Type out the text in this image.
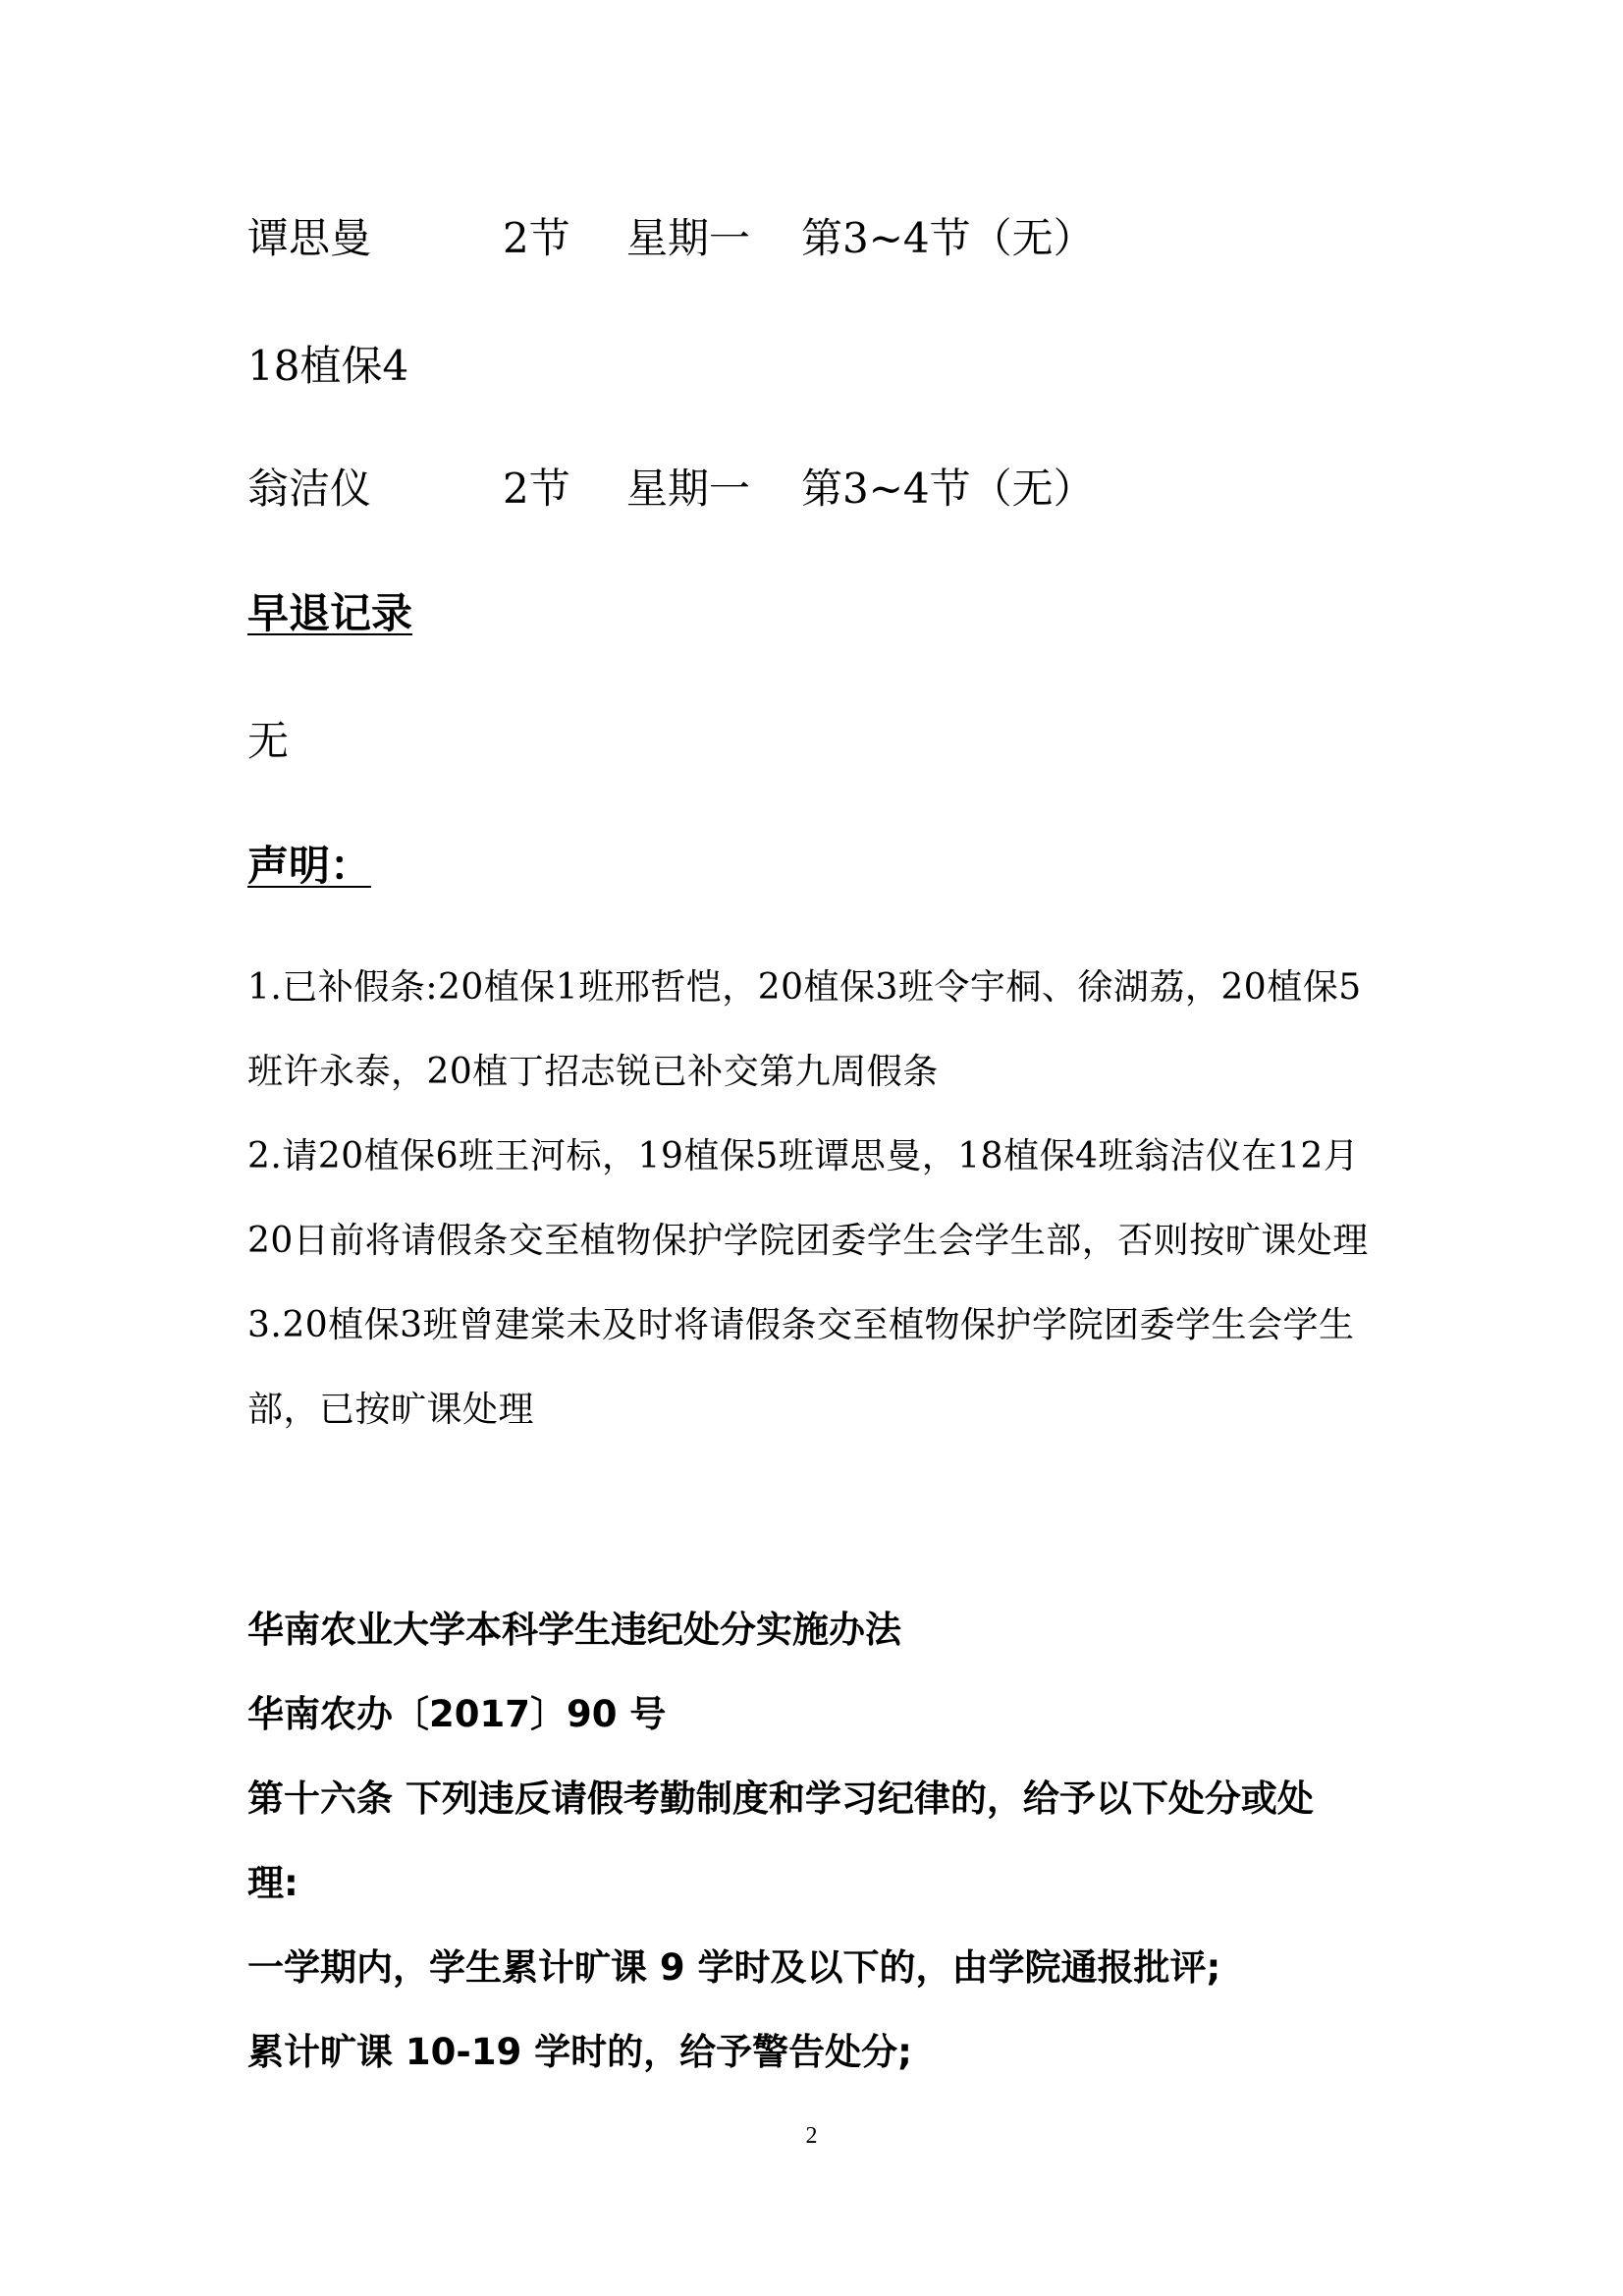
谭思曼	2节 星期一 第3~4节（无）
18植保4
翁洁仪	2节 星期一 第3~4节（无）
早退记录
无
声明：

1.已补假条:20植保1班邢哲恺，20植保3班令宇桐、徐湖荔，20植保5班许永泰，20植丁招志锐已补交第九周假条

2.请20植保6班王河标，19植保5班谭思曼，18植保4班翁洁仪在12月20日前将请假条交至植物保护学院团委学生会学生部，否则按旷课处理

3.20植保3班曾建棠未及时将请假条交至植物保护学院团委学生会学生部，已按旷课处理

华南农业大学本科学生违纪处分实施办法

华南农办〔2017〕90 号

第十六条 下列违反请假考勤制度和学习纪律的，给予以下处分或处

理:

一学期内，学生累计旷课 9 学时及以下的，由学院通报批评;

累计旷课 10-19 学时的，给予警告处分;

2
